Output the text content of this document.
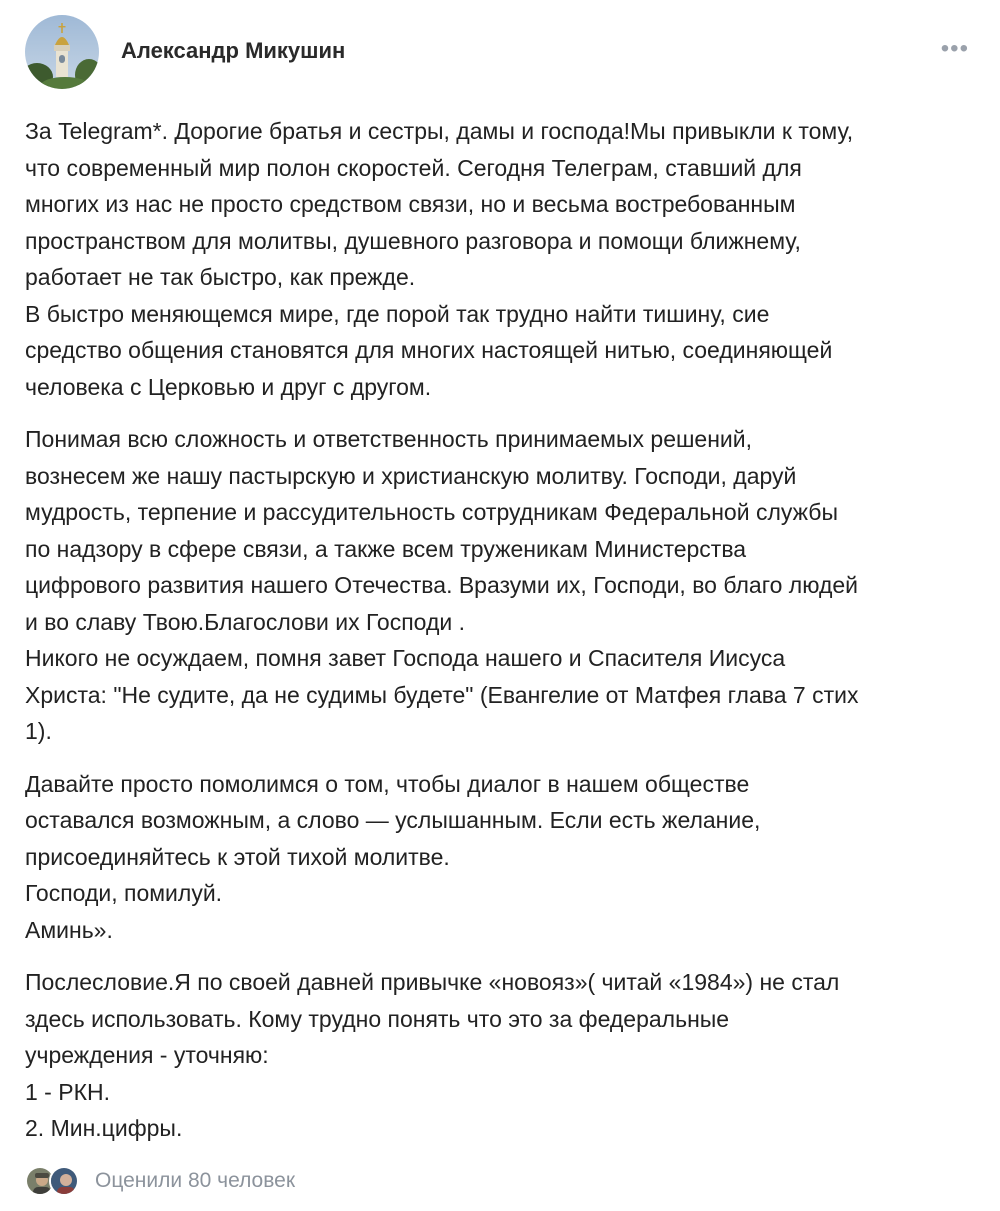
Александр Микушин	•••

За Telegram*. Дорогие братья и сестры, дамы и господа!Мы привыкли к тому,
что современный мир полон скоростей. Сегодня Телеграм, ставший для
многих из нас не просто средством связи, но и весьма востребованным
пространством для молитвы, душевного разговора и помощи ближнему,
работает не так быстро, как прежде.
В быстро меняющемся мире, где порой так трудно найти тишину, сие
средство общения становятся для многих настоящей нитью, соединяющей
человека с Церковью и друг с другом.

Понимая всю сложность и ответственность принимаемых решений,
вознесем же нашу пастырскую и христианскую молитву. Господи, даруй
мудрость, терпение и рассудительность сотрудникам Федеральной службы
по надзору в сфере связи, а также всем труженикам Министерства
цифрового развития нашего Отечества. Вразуми их, Господи, во благо людей
и во славу Твою.Благослови их Господи .
Никого не осуждаем, помня завет Господа нашего и Спасителя Иисуса
Христа: "Не судите, да не судимы будете" (Евангелие от Матфея глава 7 стих
1).

Давайте просто помолимся о том, чтобы диалог в нашем обществе
оставался возможным, а слово — услышанным. Если есть желание,
присоединяйтесь к этой тихой молитве.
Господи, помилуй.
Аминь».

Послесловие.Я по своей давней привычке «новояз»( читай «1984») не стал
здесь использовать. Кому трудно понять что это за федеральные
учреждения - уточняю:
1 - РКН.
2. Мин.цифры.

Оценили 80 человек
